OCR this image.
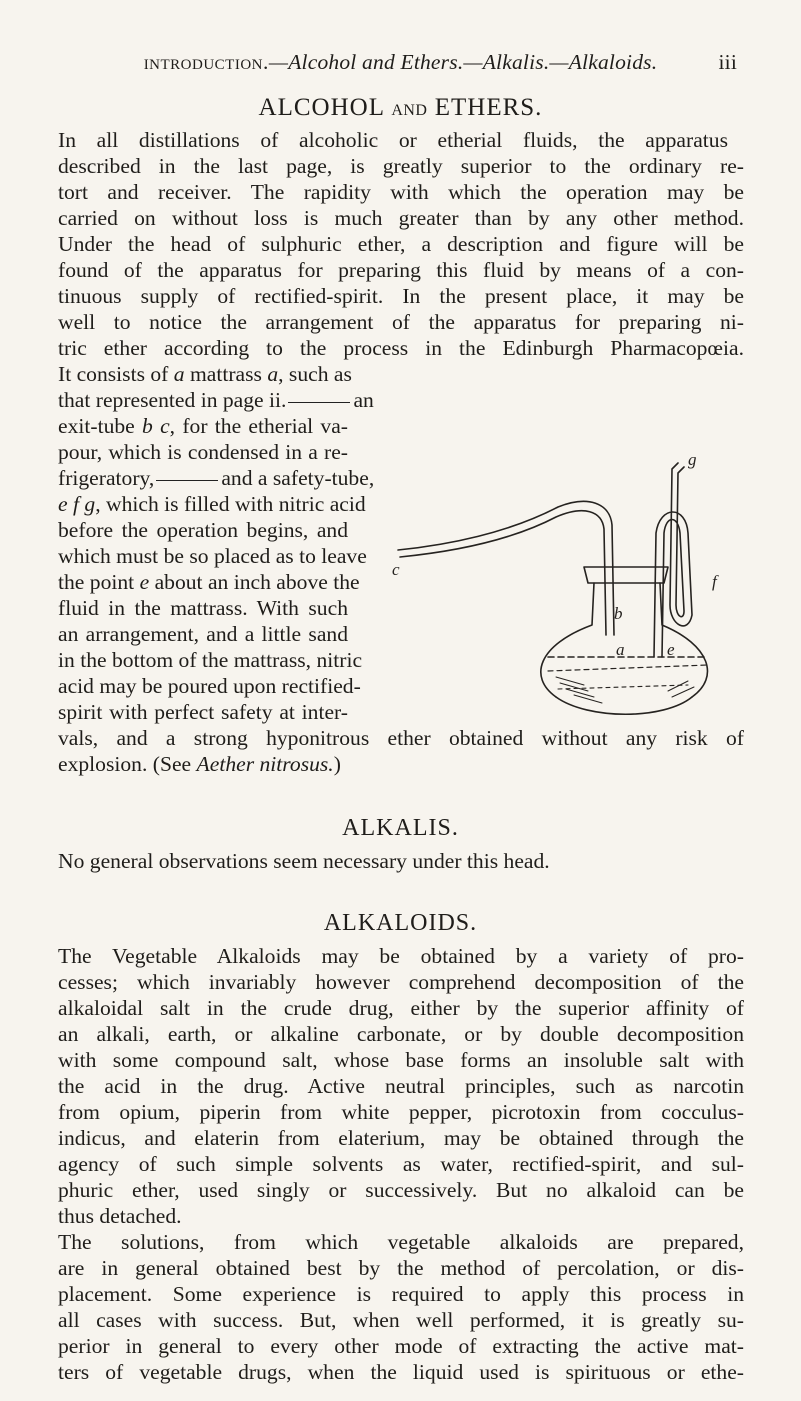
introduction.—Alcohol and Ethers.—Alkalis.—Alkaloids.	iii
ALCOHOL AND ETHERS.
In all distillations of alcoholic or etherial fluids, the apparatus
described in the last page, is greatly superior to the ordinary re-
tort and receiver. The rapidity with which the operation may be
carried on without loss is much greater than by any other method.
Under the head of sulphuric ether, a description and figure will be
found of the apparatus for preparing this fluid by means of a con-
tinuous supply of rectified-spirit. In the present place, it may be
well to notice the arrangement of the apparatus for preparing ni-
tric ether according to the process in the Edinburgh Pharmacopœia.
It consists of a mattrass a, such as
that represented in page ii.	an
exit-tube b c, for the etherial va-
pour, which is condensed in a re-
frigeratory,	and a safety-tube,
e f g, which is filled with nitric acid
before the operation begins, and
which must be so placed as to leave
the point e about an inch above the
fluid in the mattrass. With such
an arrangement, and a little sand
in the bottom of the mattrass, nitric
acid may be poured upon rectified-
spirit with perfect safety at inter-
vals, and a strong hyponitrous ether obtained without any risk of
explosion. (See Aether nitrosus.)
g
c
f
b
a	e
ALKALIS.
No general observations seem necessary under this head.
ALKALOIDS.
The Vegetable Alkaloids may be obtained by a variety of pro-
cesses; which invariably however comprehend decomposition of the
alkaloidal salt in the crude drug, either by the superior affinity of
an alkali, earth, or alkaline carbonate, or by double decomposition
with some compound salt, whose base forms an insoluble salt with
the acid in the drug. Active neutral principles, such as narcotin
from opium, piperin from white pepper, picrotoxin from cocculus-
indicus, and elaterin from elaterium, may be obtained through the
agency of such simple solvents as water, rectified-spirit, and sul-
phuric ether, used singly or successively. But no alkaloid can be
thus detached.
The solutions, from which vegetable alkaloids are prepared,
are in general obtained best by the method of percolation, or dis-
placement. Some experience is required to apply this process in
all cases with success. But, when well performed, it is greatly su-
perior in general to every other mode of extracting the active mat-
ters of vegetable drugs, when the liquid used is spirituous or ethe-
